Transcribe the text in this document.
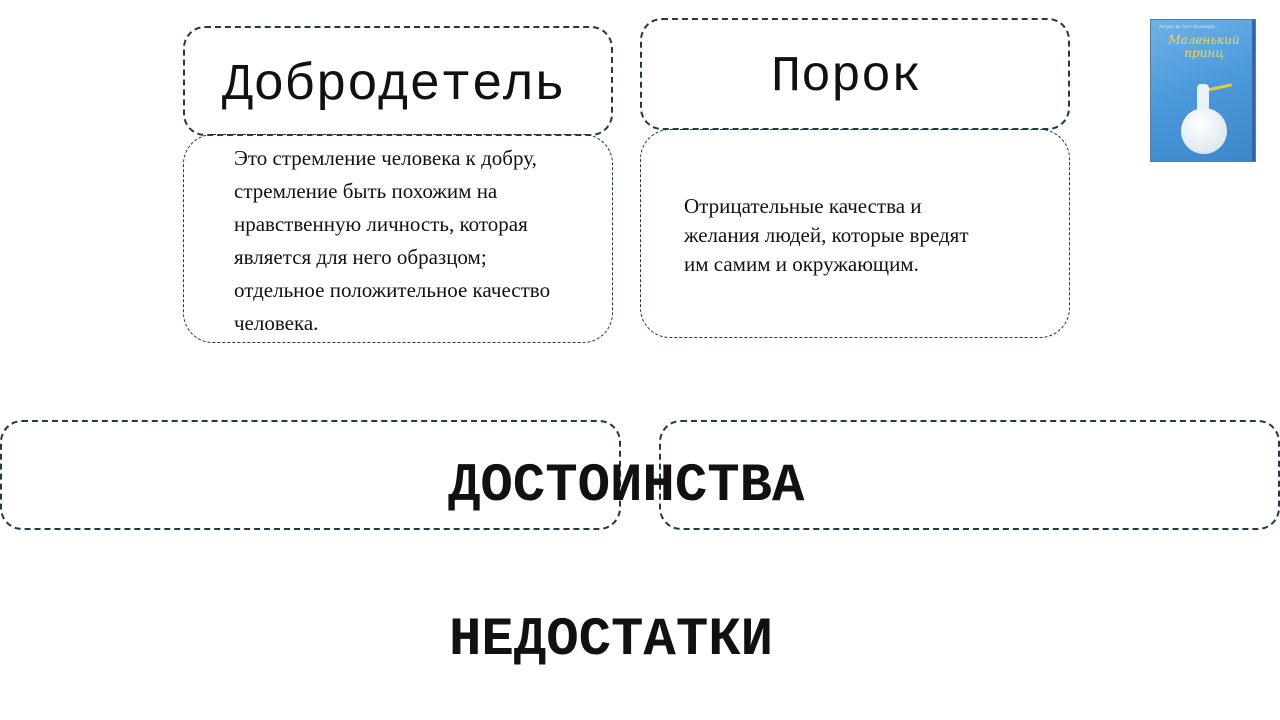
Добродетель
Это стремление человека к добру,
стремление быть похожим на
нравственную личность, которая
является для него образцом;
отдельное положительное качество
человека.
Порок
Отрицательные качества и
желания людей, которые вредят
им самим и окружающим.
ДОСТОИНСТВА
НЕДОСТАТКИ
Антуан де Сент-Экзюпери
Маленький
принц
